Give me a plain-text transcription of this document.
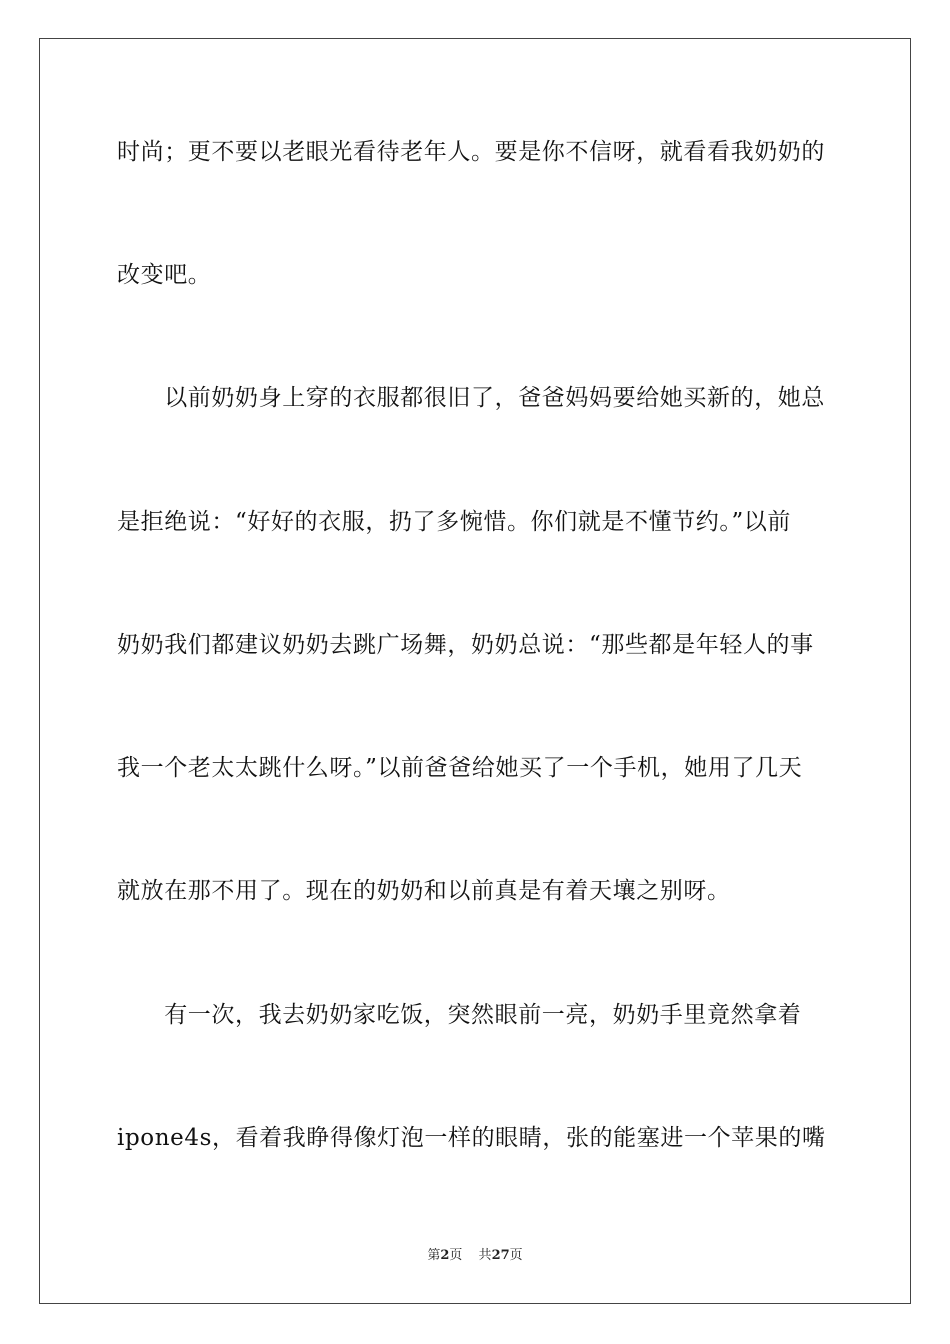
时尚；更不要以老眼光看待老年人。要是你不信呀，就看看我奶奶的
改变吧。
　　以前奶奶身上穿的衣服都很旧了，爸爸妈妈要给她买新的，她总
是拒绝说：“好好的衣服，扔了多惋惜。你们就是不懂节约。”以前
奶奶我们都建议奶奶去跳广场舞，奶奶总说：“那些都是年轻人的事
我一个老太太跳什么呀。”以前爸爸给她买了一个手机，她用了几天
就放在那不用了。现在的奶奶和以前真是有着天壤之别呀。
　　有一次，我去奶奶家吃饭，突然眼前一亮，奶奶手里竟然拿着
ipone4s，看着我睁得像灯泡一样的眼睛，张的能塞进一个苹果的嘴
第2页 共27页
